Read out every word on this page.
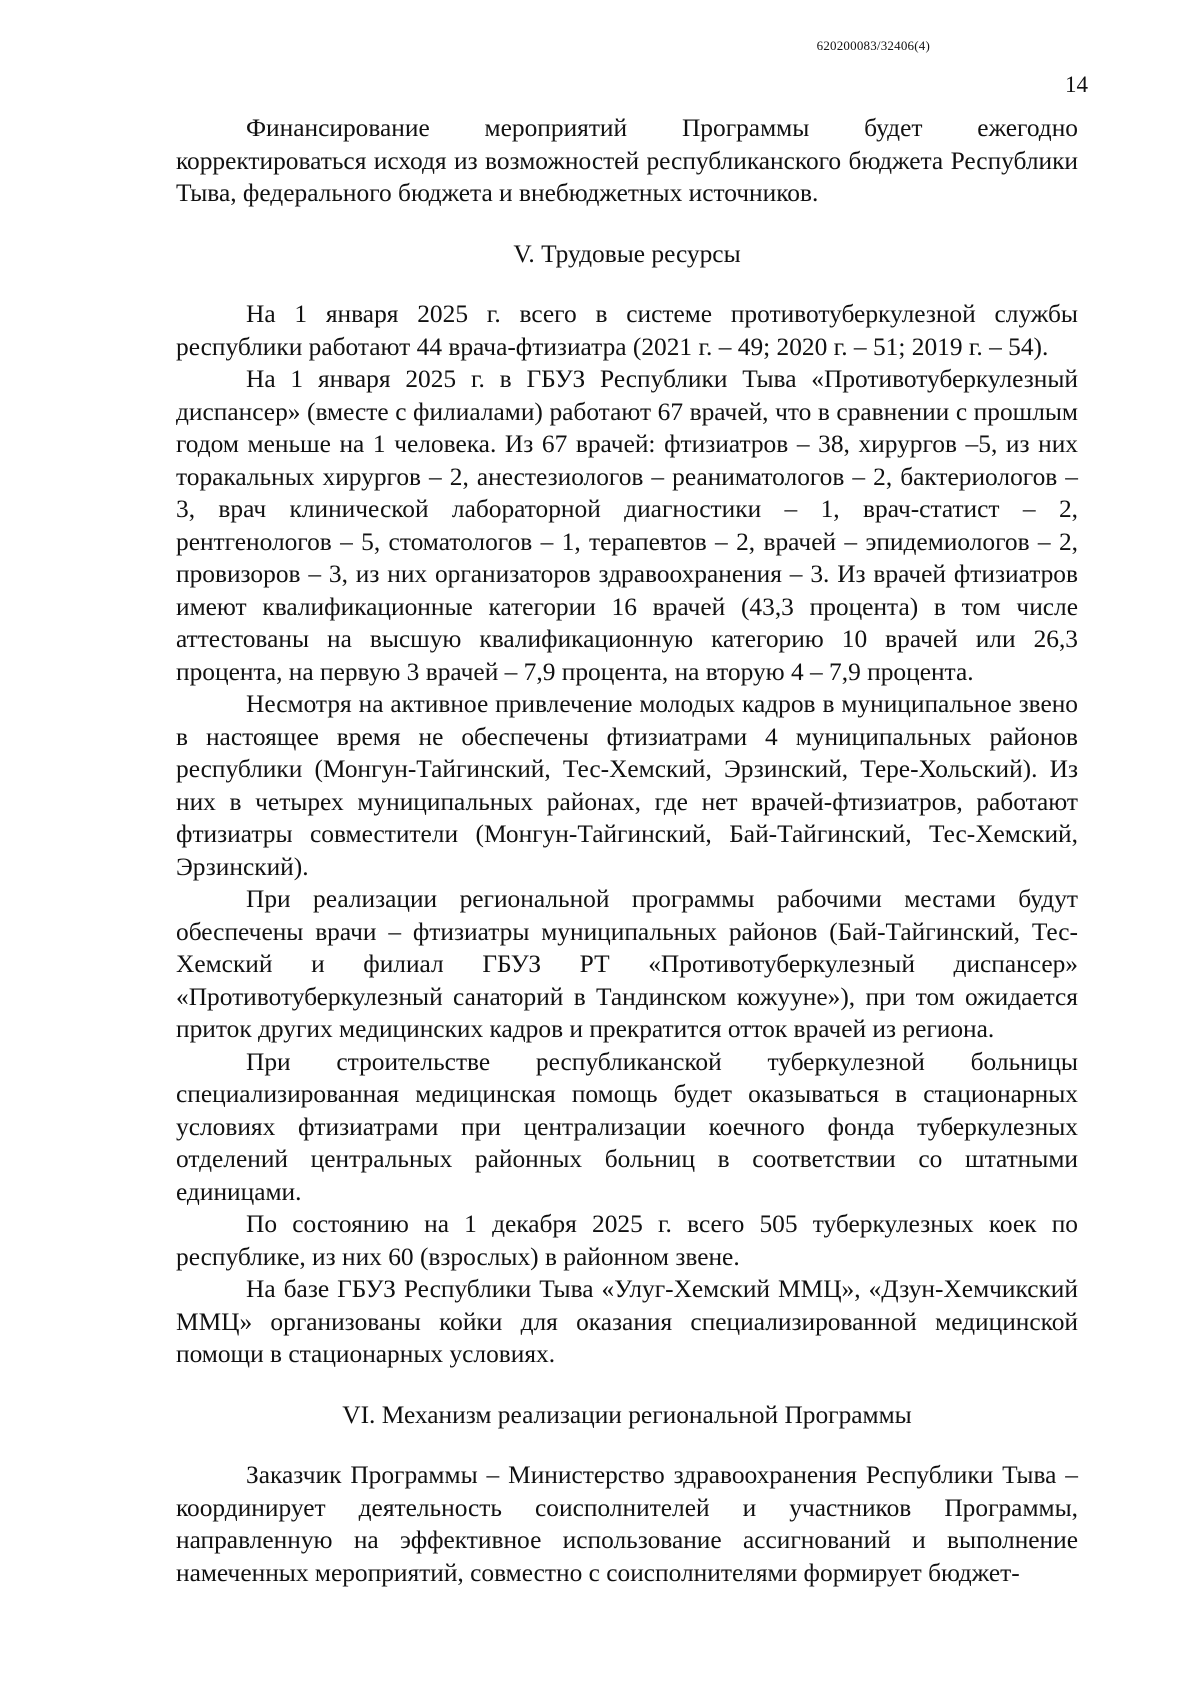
620200083/32406(4)
14

Финансирование мероприятий Программы будет ежегодно корректироваться исходя из возможностей республиканского бюджета Республики Тыва, федерального бюджета и внебюджетных источников.

V. Трудовые ресурсы

На 1 января 2025 г. всего в системе противотуберкулезной службы республики работают 44 врача-фтизиатра (2021 г. – 49; 2020 г. – 51; 2019 г. – 54).

На 1 января 2025 г. в ГБУЗ Республики Тыва «Противотуберкулезный диспансер» (вместе с филиалами) работают 67 врачей, что в сравнении с прошлым годом меньше на 1 человека. Из 67 врачей: фтизиатров – 38, хирургов –5, из них торакальных хирургов – 2, анестезиологов – реаниматологов – 2, бактериологов – 3, врач клинической лабораторной диагностики – 1, врач-статист – 2, рентгенологов – 5, стоматологов – 1, терапевтов – 2, врачей – эпидемиологов – 2, провизоров – 3, из них организаторов здравоохранения – 3. Из врачей фтизиатров имеют квалификационные категории 16 врачей (43,3 процента) в том числе аттестованы на высшую квалификационную категорию 10 врачей или 26,3 процента, на первую 3 врачей – 7,9 процента, на вторую 4 – 7,9 процента.

Несмотря на активное привлечение молодых кадров в муниципальное звено в настоящее время не обеспечены фтизиатрами 4 муниципальных районов республики (Монгун-Тайгинский, Тес-Хемский, Эрзинский, Тере-Хольский). Из них в четырех муниципальных районах, где нет врачей-фтизиатров, работают фтизиатры совместители (Монгун-Тайгинский, Бай-Тайгинский, Тес-Хемский, Эрзинский).

При реализации региональной программы рабочими местами будут обеспечены врачи – фтизиатры муниципальных районов (Бай-Тайгинский, Тес-Хемский и филиал ГБУЗ РТ «Противотуберкулезный диспансер» «Противотуберкулезный санаторий в Тандинском кожууне»), при том ожидается приток других медицинских кадров и прекратится отток врачей из региона.

При строительстве республиканской туберкулезной больницы специализированная медицинская помощь будет оказываться в стационарных условиях фтизиатрами при централизации коечного фонда туберкулезных отделений центральных районных больниц в соответствии со штатными единицами.

По состоянию на 1 декабря 2025 г. всего 505 туберкулезных коек по республике, из них 60 (взрослых) в районном звене.

На базе ГБУЗ Республики Тыва «Улуг-Хемский ММЦ», «Дзун-Хемчикский ММЦ» организованы койки для оказания специализированной медицинской помощи в стационарных условиях.

VI. Механизм реализации региональной Программы

Заказчик Программы – Министерство здравоохранения Республики Тыва – координирует деятельность соисполнителей и участников Программы, направленную на эффективное использование ассигнований и выполнение намеченных мероприятий, совместно с соисполнителями формирует бюджет-
